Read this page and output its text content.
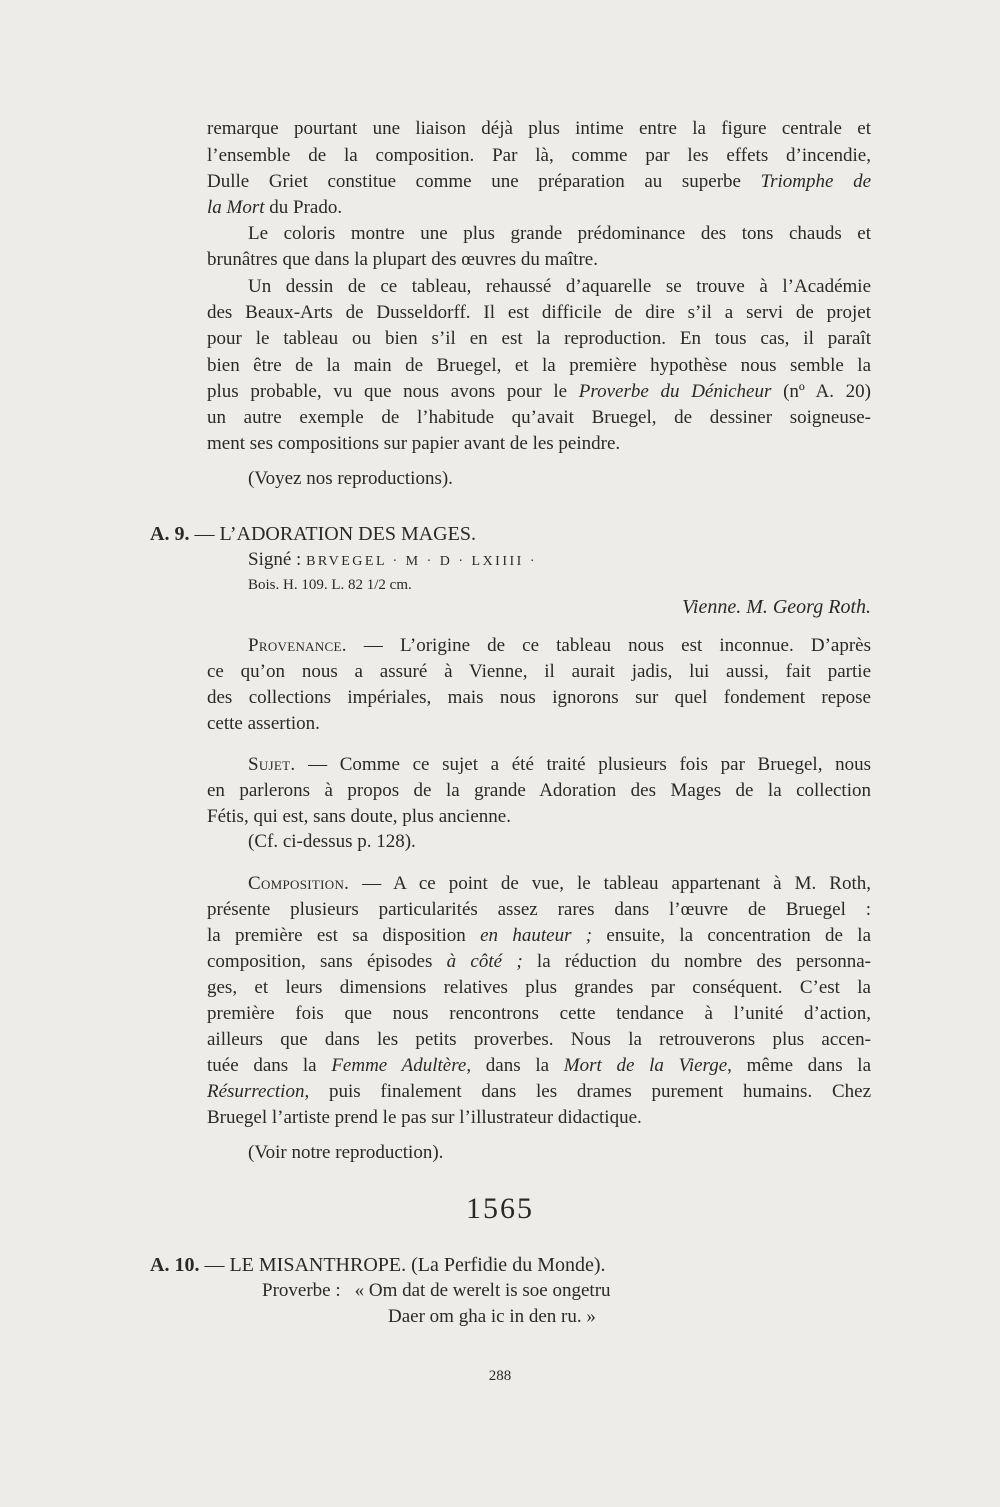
remarque pourtant une liaison déjà plus intime entre la figure centrale et
l’ensemble de la composition. Par là, comme par les effets d’incendie,
Dulle Griet constitue comme une préparation au superbe Triomphe de
la Mort du Prado.
Le coloris montre une plus grande prédominance des tons chauds et
brunâtres que dans la plupart des œuvres du maître.
Un dessin de ce tableau, rehaussé d’aquarelle se trouve à l’Académie
des Beaux-Arts de Dusseldorff. Il est difficile de dire s’il a servi de projet
pour le tableau ou bien s’il en est la reproduction. En tous cas, il paraît
bien être de la main de Bruegel, et la première hypothèse nous semble la
plus probable, vu que nous avons pour le Proverbe du Dénicheur (nº A. 20)
un autre exemple de l’habitude qu’avait Bruegel, de dessiner soigneuse-
ment ses compositions sur papier avant de les peindre.
(Voyez nos reproductions).
A. 9. — L’ADORATION DES MAGES.
Signé : BRVEGEL · M · D · LXIIII ·
Bois. H. 109. L. 82 1/2 cm.
Vienne. M. Georg Roth.
Provenance. — L’origine de ce tableau nous est inconnue. D’après
ce qu’on nous a assuré à Vienne, il aurait jadis, lui aussi, fait partie
des collections impériales, mais nous ignorons sur quel fondement repose
cette assertion.
Sujet. — Comme ce sujet a été traité plusieurs fois par Bruegel, nous
en parlerons à propos de la grande Adoration des Mages de la collection
Fétis, qui est, sans doute, plus ancienne.
(Cf. ci-dessus p. 128).
Composition. — A ce point de vue, le tableau appartenant à M. Roth,
présente plusieurs particularités assez rares dans l’œuvre de Bruegel :
la première est sa disposition en hauteur ; ensuite, la concentration de la
composition, sans épisodes à côté ; la réduction du nombre des personna-
ges, et leurs dimensions relatives plus grandes par conséquent. C’est la
première fois que nous rencontrons cette tendance à l’unité d’action,
ailleurs que dans les petits proverbes. Nous la retrouverons plus accen-
tuée dans la Femme Adultère, dans la Mort de la Vierge, même dans la
Résurrection, puis finalement dans les drames purement humains. Chez
Bruegel l’artiste prend le pas sur l’illustrateur didactique.
(Voir notre reproduction).
1565
A. 10. — LE MISANTHROPE. (La Perfidie du Monde).
Proverbe : « Om dat de werelt is soe ongetru
Daer om gha ic in den ru. »
288
